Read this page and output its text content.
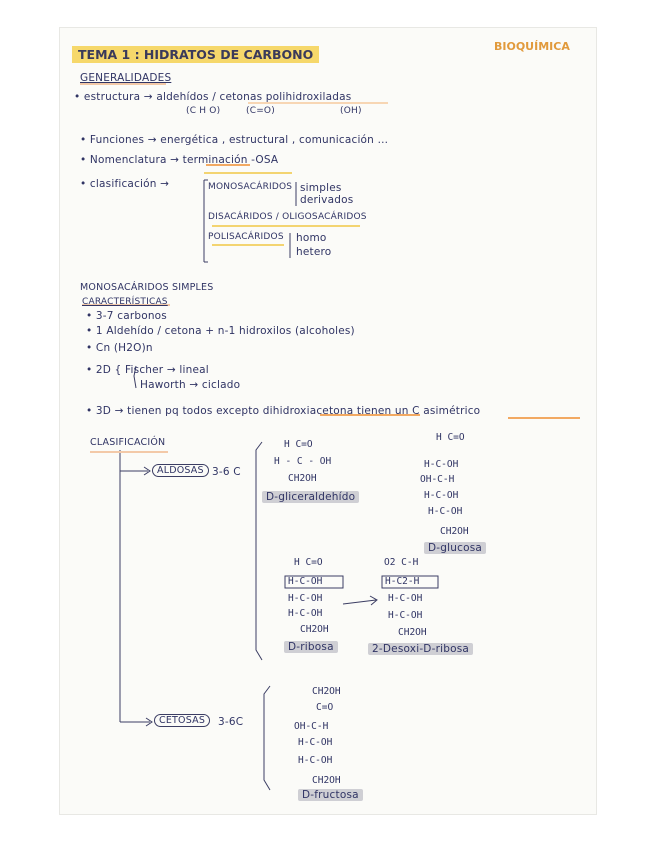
TEMA 1 : HIDRATOS DE CARBONO
BIOQUÍMICA
GENERALIDADES
• estructura → aldehídos / cetonas polihidroxiladas
(C H O)	(C=O)	(OH)
• Funciones → energética , estructural , comunicación ...
• Nomenclatura → terminación -OSA
• clasificación →	MONOSACÁRIDOS simples
derivados
DISACÁRIDOS / OLIGOSACÁRIDOS
POLISACÁRIDOS homo
hetero
MONOSACÁRIDOS SIMPLES
CARACTERÍSTICAS
• 3-7 carbonos
• 1 Aldehído / cetona + n-1 hidroxilos (alcoholes)
• Cn (H2O)n
• 2D { Fischer → lineal
Haworth → ciclado
• 3D → tienen pq todos excepto dihidroxiacetona tienen un C asimétrico
CLASIFICACIÓN
ALDOSAS 3-6 C
CETOSAS	3-6C
H C=O
H - C - OH
CH2OH
D-gliceraldehído
H C=O
H-C-OH
OH-C-H
H-C-OH
H-C-OH
CH2OH
D-glucosa
H C=O
H-C-OH
H-C-OH
H-C-OH
CH2OH
D-ribosa
O2 C-H
H-C2-H
H-C-OH
H-C-OH
CH2OH
2-Desoxi-D-ribosa
CH2OH
C=O
OH-C-H
H-C-OH
H-C-OH
CH2OH
D-fructosa
